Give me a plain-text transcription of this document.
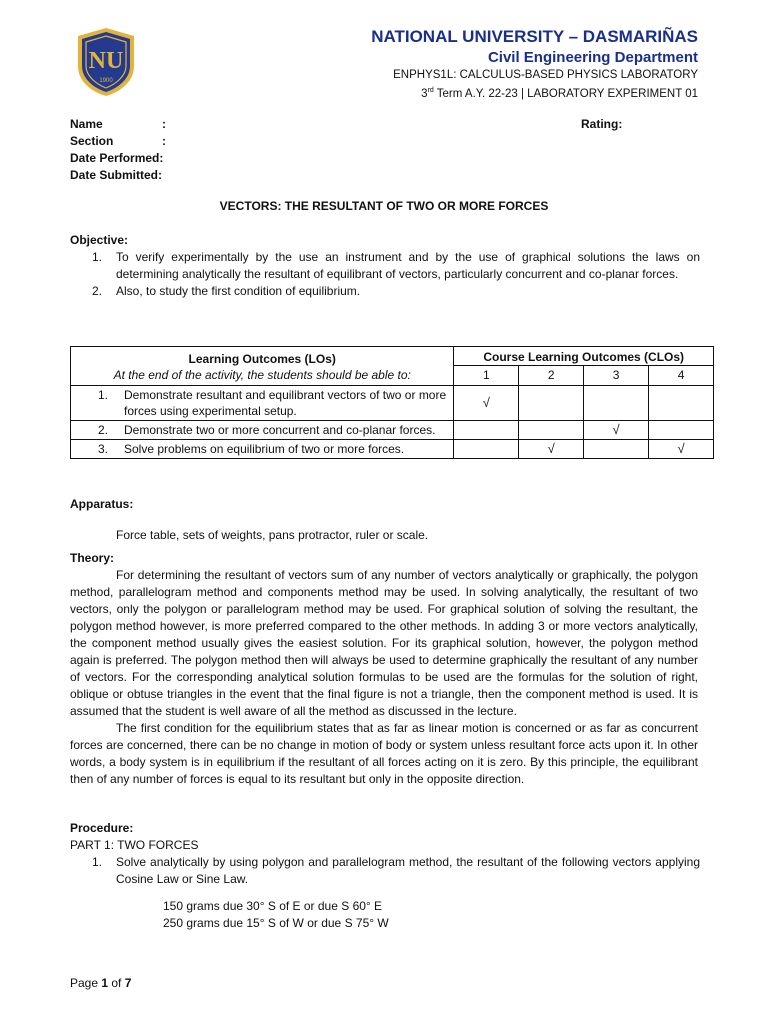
NU
1900
NATIONAL UNIVERSITY – DASMARIÑAS
Civil Engineering Department
ENPHYS1L: CALCULUS-BASED PHYSICS LABORATORY
3rd Term A.Y. 22-23 | LABORATORY EXPERIMENT 01
Name	:
Section	:
Date Performed:
Date Submitted:
Rating:
VECTORS: THE RESULTANT OF TWO OR MORE FORCES
Objective:
1.	To verify experimentally by the use an instrument and by the use of graphical solutions the laws on determining analytically the resultant of equilibrant of vectors, particularly concurrent and co-planar forces.
2.	Also, to study the first condition of equilibrium.
Learning Outcomes (LOs)
At the end of the activity, the students should be able to:	Course Learning Outcomes (CLOs)			
	1	2	3	4

1. Demonstrate resultant and equilibrant vectors of two or more forces using experimental setup.	√			

2. Demonstrate two or more concurrent and co-planar forces.			√	

3. Solve problems on equilibrium of two or more forces.		√		√
Apparatus:
Force table, sets of weights, pans protractor, ruler or scale.
Theory:

For determining the resultant of vectors sum of any number of vectors analytically or graphically, the polygon method, parallelogram method and components method may be used. In solving analytically, the resultant of two vectors, only the polygon or parallelogram method may be used. For graphical solution of solving the resultant, the polygon method however, is more preferred compared to the other methods. In adding 3 or more vectors analytically, the component method usually gives the easiest solution. For its graphical solution, however, the polygon method again is preferred. The polygon method then will always be used to determine graphically the resultant of any number of vectors. For the corresponding analytical solution formulas to be used are the formulas for the solution of right, oblique or obtuse triangles in the event that the final figure is not a triangle, then the component method is used. It is assumed that the student is well aware of all the method as discussed in the lecture.

The first condition for the equilibrium states that as far as linear motion is concerned or as far as concurrent forces are concerned, there can be no change in motion of body or system unless resultant force acts upon it. In other words, a body system is in equilibrium if the resultant of all forces acting on it is zero. By this principle, the equilibrant then of any number of forces is equal to its resultant but only in the opposite direction.

Procedure:
PART 1: TWO FORCES
1.	Solve analytically by using polygon and parallelogram method, the resultant of the following vectors applying Cosine Law or Sine Law.
150 grams due 30° S of E or due S 60° E
250 grams due 15° S of W or due S 75° W
Page 1 of 7
